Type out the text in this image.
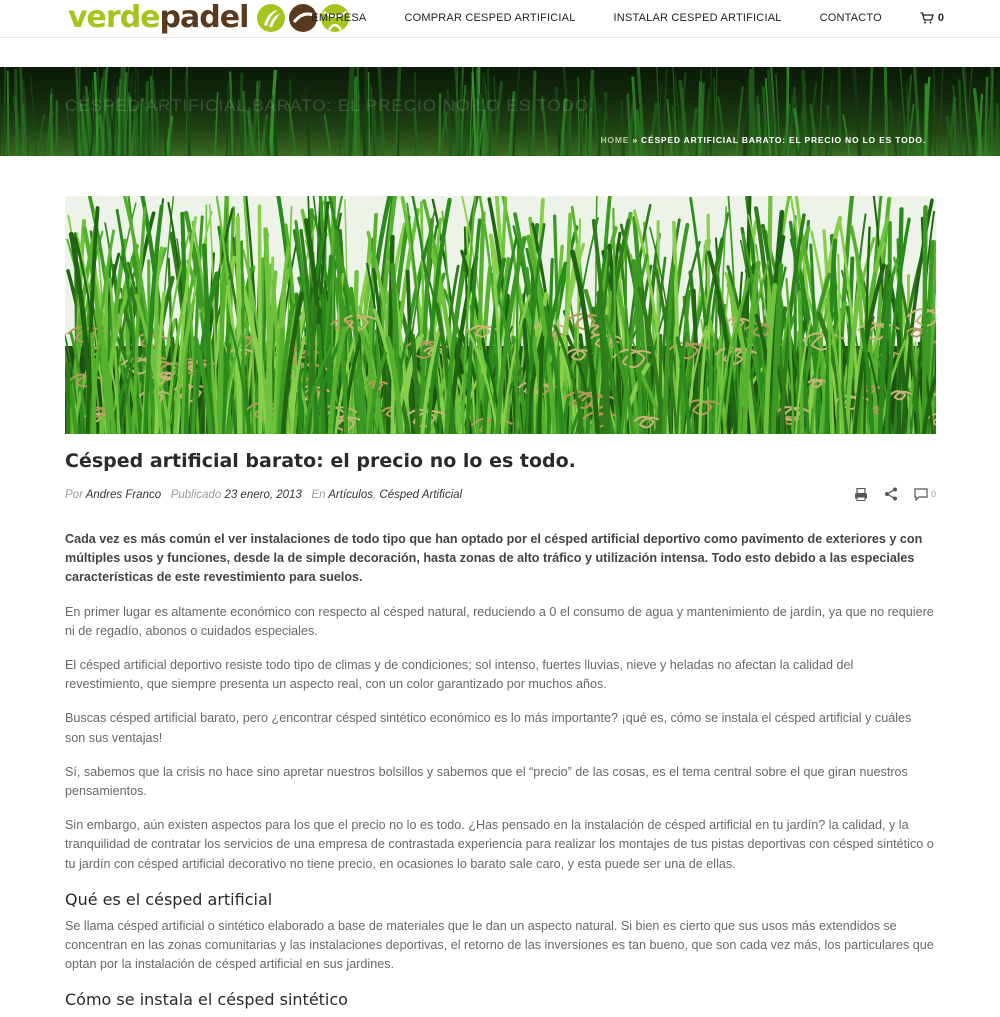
verdepadel	EMPRESA	COMPRAR CESPED ARTIFICIAL	INSTALAR CESPED ARTIFICIAL	CONTACTO	0
CÉSPED ARTIFICIAL BARATO: EL PRECIO NO LO ES TODO.
HOME » CÉSPED ARTIFICIAL BARATO: EL PRECIO NO LO ES TODO.
Césped artificial barato: el precio no lo es todo.
Por Andres Franco Publicado 23 enero, 2013 En Artículos, Césped Artificial	0

Cada vez es más común el ver instalaciones de todo tipo que han optado por el césped artificial deportivo como pavimento de exteriores y con múltiples usos y funciones, desde la de simple decoración, hasta zonas de alto tráfico y utilización intensa. Todo esto debido a las especiales características de este revestimiento para suelos.

En primer lugar es altamente económico con respecto al césped natural, reduciendo a 0 el consumo de agua y mantenimiento de jardín, ya que no requiere ni de regadío, abonos o cuidados especiales.

El césped artificial deportivo resiste todo tipo de climas y de condiciones; sol intenso, fuertes lluvias, nieve y heladas no afectan la calidad del revestimiento, que siempre presenta un aspecto real, con un color garantizado por muchos años.

Buscas césped artificial barato, pero ¿encontrar césped sintético económico es lo más importante? ¡qué es, cómo se instala el césped artificial y cuáles son sus ventajas!

Sí, sabemos que la crisis no hace sino apretar nuestros bolsillos y sabemos que el “precio” de las cosas, es el tema central sobre el que giran nuestros pensamientos.

Sin embargo, aún existen aspectos para los que el precio no lo es todo. ¿Has pensado en la instalación de césped artificial en tu jardín? la calidad, y la tranquilidad de contratar los servicios de una empresa de contrastada experiencia para realizar los montajes de tus pistas deportivas con césped sintético o tu jardín con césped artificial decorativo no tiene precio, en ocasiones lo barato sale caro, y esta puede ser una de ellas.

Qué es el césped artificial

Se llama césped artificial o sintético elaborado a base de materiales que le dan un aspecto natural. Si bien es cierto que sus usos más extendidos se concentran en las zonas comunitarias y las instalaciones deportivas, el retorno de las inversiones es tan bueno, que son cada vez más, los particulares que optan por la instalación de césped artificial en sus jardines.

Cómo se instala el césped sintético
